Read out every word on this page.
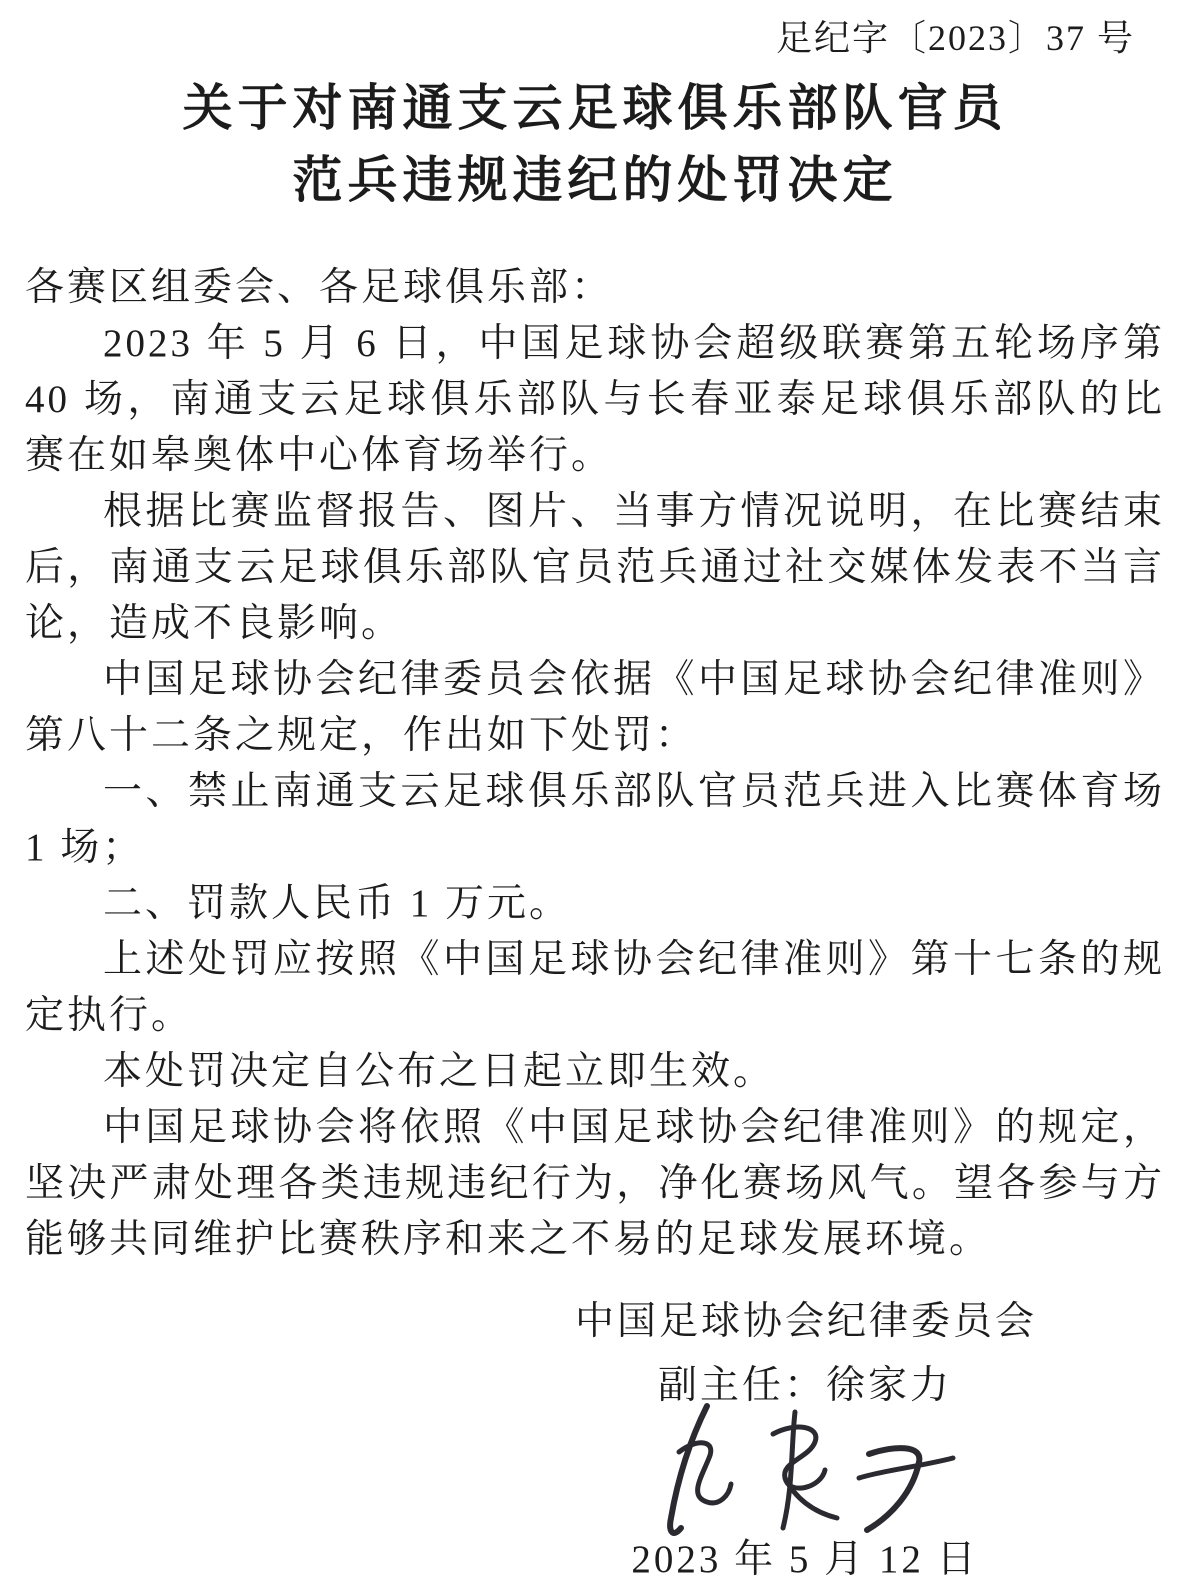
足纪字〔2023〕37 号
关于对南通支云足球俱乐部队官员
范兵违规违纪的处罚决定
各赛区组委会、各足球俱乐部：
2023 年 5 月 6 日，中国足球协会超级联赛第五轮场序第 40 场，南通支云足球俱乐部队与长春亚泰足球俱乐部队的比赛在如皋奥体中心体育场举行。
根据比赛监督报告、图片、当事方情况说明，在比赛结束后，南通支云足球俱乐部队官员范兵通过社交媒体发表不当言论，造成不良影响。
中国足球协会纪律委员会依据《中国足球协会纪律准则》第八十二条之规定，作出如下处罚：
一、禁止南通支云足球俱乐部队官员范兵进入比赛体育场 1 场；
二、罚款人民币 1 万元。
上述处罚应按照《中国足球协会纪律准则》第十七条的规定执行。
本处罚决定自公布之日起立即生效。
中国足球协会将依照《中国足球协会纪律准则》的规定，坚决严肃处理各类违规违纪行为，净化赛场风气。望各参与方能够共同维护比赛秩序和来之不易的足球发展环境。
中国足球协会纪律委员会
副主任：徐家力
2023 年 5 月 12 日
